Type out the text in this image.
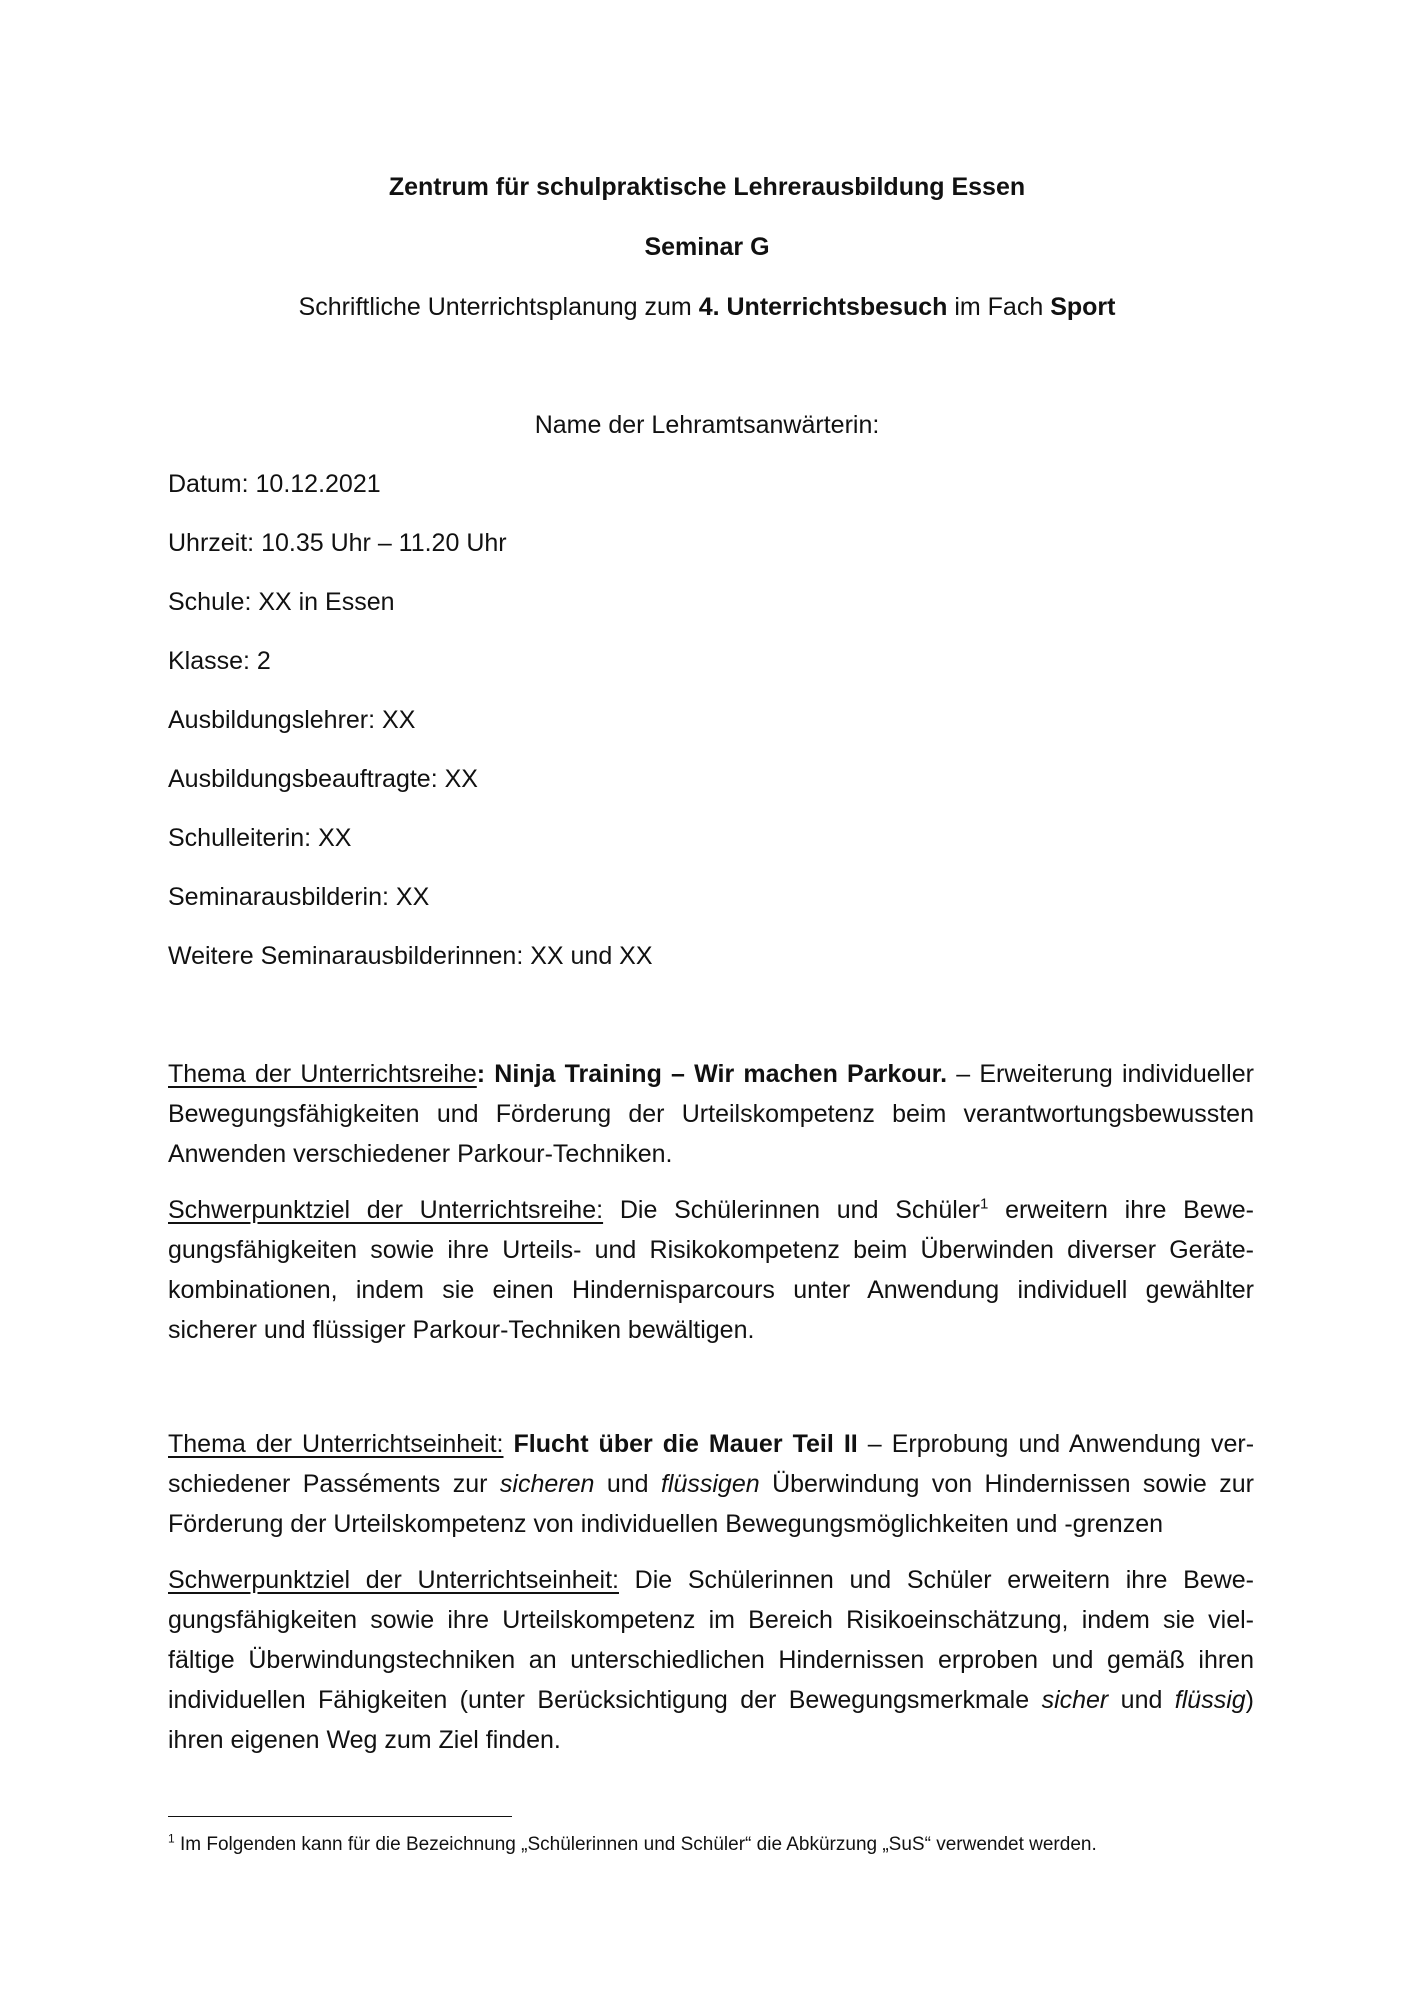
Zentrum für schulpraktische Lehrerausbildung Essen
Seminar G
Schriftliche Unterrichtsplanung zum 4. Unterrichtsbesuch im Fach Sport
Name der Lehramtsanwärterin:
Datum: 10.12.2021
Uhrzeit: 10.35 Uhr – 11.20 Uhr
Schule: XX in Essen
Klasse: 2
Ausbildungslehrer: XX
Ausbildungsbeauftragte: XX
Schulleiterin: XX
Seminarausbilderin: XX
Weitere Seminarausbilderinnen: XX und XX
Thema der Unterrichtsreihe: Ninja Training – Wir machen Parkour. – Erweiterung individueller Bewegungsfähigkeiten und Förderung der Urteilskompetenz beim verantwortungsbewussten Anwenden verschiedener Parkour-Techniken.
Schwerpunktziel der Unterrichtsreihe: Die Schülerinnen und Schüler$^1$ erweitern ihre Bewegungsfähigkeiten sowie ihre Urteils- und Risikokompetenz beim Überwinden diverser Gerätekombinationen, indem sie einen Hindernisparcours unter Anwendung individuell gewählter sicherer und flüssiger Parkour-Techniken bewältigen.
Thema der Unterrichtseinheit: Flucht über die Mauer Teil II – Erprobung und Anwendung verschiedener Passéments zur sicheren und flüssigen Überwindung von Hindernissen sowie zur Förderung der Urteilskompetenz von individuellen Bewegungsmöglichkeiten und -grenzen
Schwerpunktziel der Unterrichtseinheit: Die Schülerinnen und Schüler erweitern ihre Bewegungsfähigkeiten sowie ihre Urteilskompetenz im Bereich Risikoeinschätzung, indem sie vielfältige Überwindungstechniken an unterschiedlichen Hindernissen erproben und gemäß ihren individuellen Fähigkeiten (unter Berücksichtigung der Bewegungsmerkmale sicher und flüssig) ihren eigenen Weg zum Ziel finden.
$^1$ Im Folgenden kann für die Bezeichnung „Schülerinnen und Schüler“ die Abkürzung „SuS“ verwendet werden.
